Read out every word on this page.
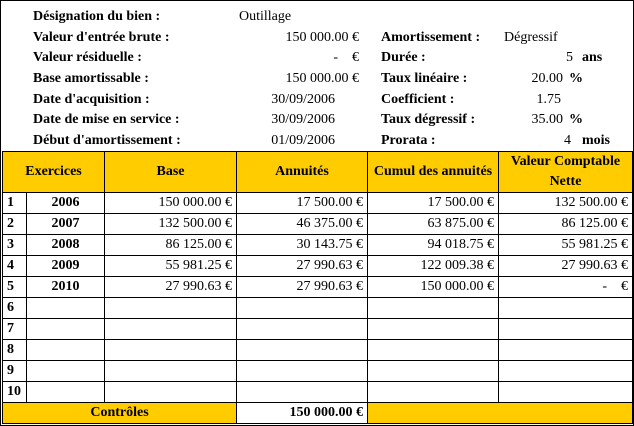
Désignation du bien :	Outillage
Valeur d'entrée brute :	150 000.00 € Amortissement : Dégressif
Valeur résiduelle :	-    € Durée :	5 ans
Base amortissable :	150 000.00 € Taux linéaire :	20.00 %
Date d'acquisition :	30/09/2006	Coefficient :	1.75
Date de mise en service :	30/09/2006	Taux dégressif :	35.00 %
Début d'amortissement :	01/09/2006	Prorata :	4 mois
Exercices		Base	Annuités	Cumul des annuités	Valeur Comptable Nette
1	2006	150 000.00 €	17 500.00 €	17 500.00 €	132 500.00 €
2	2007	132 500.00 €	46 375.00 €	63 875.00 €	86 125.00 €
3	2008	86 125.00 €	30 143.75 €	94 018.75 €	55 981.25 €
4	2009	55 981.25 €	27 990.63 €	122 009.38 €	27 990.63 €
5	2010	27 990.63 €	27 990.63 €	150 000.00 €	-    €
6					
7					
8					
9					
10					
Contrôles			150 000.00 €		
